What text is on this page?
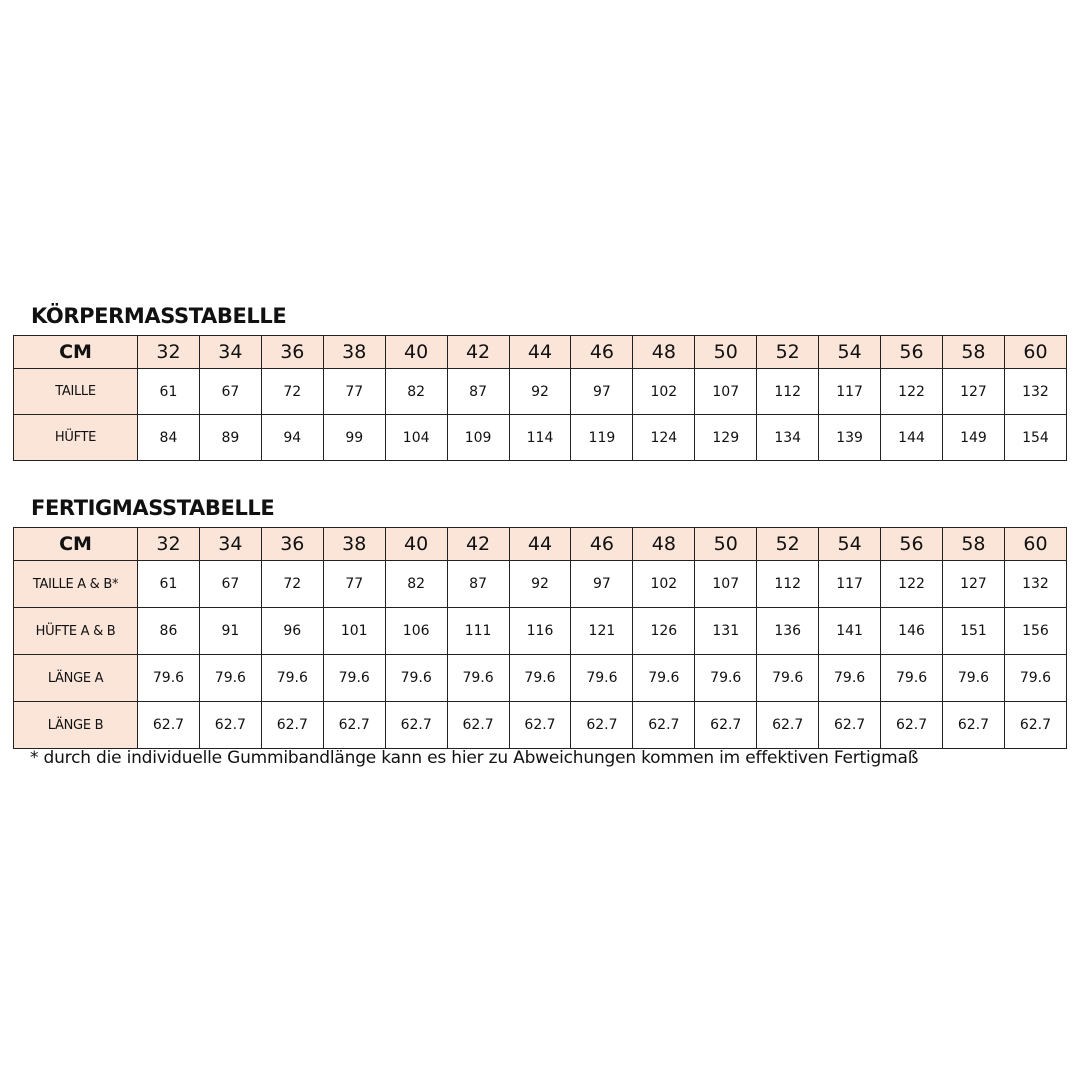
KÖRPERMASSTABELLE
CM	32	34	36	38	40	42	44	46	48	50	52	54	56	58	60
TAILLE	61	67	72	77	82	87	92	97	102	107	112	117	122	127	132
HÜFTE	84	89	94	99	104	109	114	119	124	129	134	139	144	149	154
FERTIGMASSTABELLE
CM	32	34	36	38	40	42	44	46	48	50	52	54	56	58	60
TAILLE A & B*	61	67	72	77	82	87	92	97	102	107	112	117	122	127	132
HÜFTE A & B	86	91	96	101	106	111	116	121	126	131	136	141	146	151	156
LÄNGE A	79.6	79.6	79.6	79.6	79.6	79.6	79.6	79.6	79.6	79.6	79.6	79.6	79.6	79.6	79.6
LÄNGE B	62.7	62.7	62.7	62.7	62.7	62.7	62.7	62.7	62.7	62.7	62.7	62.7	62.7	62.7	62.7
* durch die individuelle Gummibandlänge kann es hier zu Abweichungen kommen im effektiven Fertigmaß
